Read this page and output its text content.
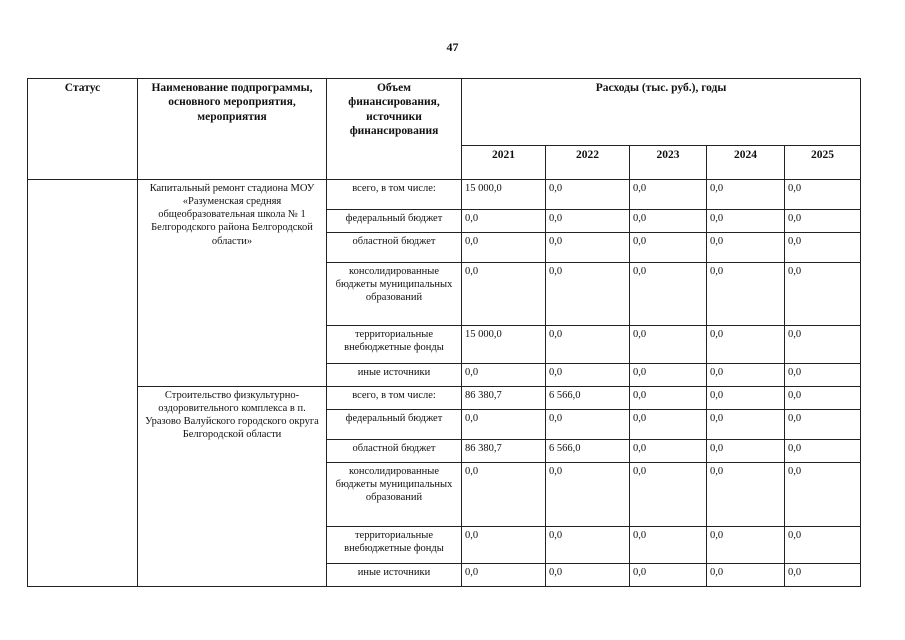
47
Статус	Наименование подпрограммы, основного мероприятия, мероприятия	Объем финансирования, источники финансирования	Расходы (тыс. руб.), годы				
			2021	2022	2023	2024	2025
	Капитальный ремонт стадиона МОУ «Разуменская средняя общеобразовательная школа № 1 Белгородского района Белгородской области»	всего, в том числе:	15 000,0	0,0	0,0	0,0	0,0
		федеральный бюджет	0,0	0,0	0,0	0,0	0,0
		областной бюджет	0,0	0,0	0,0	0,0	0,0
		консолидированные бюджеты муниципальных образований	0,0	0,0	0,0	0,0	0,0
		территориальные внебюджетные фонды	15 000,0	0,0	0,0	0,0	0,0
		иные источники	0,0	0,0	0,0	0,0	0,0
	Строительство физкультурно-оздоровительного комплекса в п. Уразово Валуйского городского округа Белгородской области	всего, в том числе:	86 380,7	6 566,0	0,0	0,0	0,0
		федеральный бюджет	0,0	0,0	0,0	0,0	0,0
		областной бюджет	86 380,7	6 566,0	0,0	0,0	0,0
		консолидированные бюджеты муниципальных образований	0,0	0,0	0,0	0,0	0,0
		территориальные внебюджетные фонды	0,0	0,0	0,0	0,0	0,0
		иные источники	0,0	0,0	0,0	0,0	0,0
